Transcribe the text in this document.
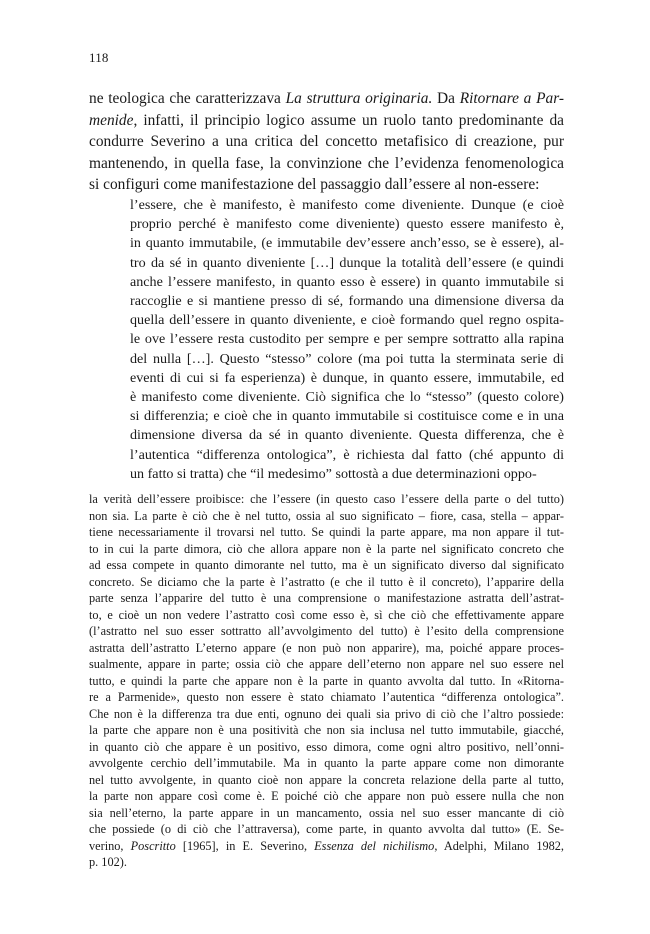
118
ne teologica che caratterizzava La struttura originaria. Da Ritornare a Par-
menide, infatti, il principio logico assume un ruolo tanto predominante da
condurre Severino a una critica del concetto metafisico di creazione, pur
mantenendo, in quella fase, la convinzione che l’evidenza fenomenologica
si configuri come manifestazione del passaggio dall’essere al non-essere:
l’essere, che è manifesto, è manifesto come diveniente. Dunque (e cioè
proprio perché è manifesto come diveniente) questo essere manifesto è,
in quanto immutabile, (e immutabile dev’essere anch’esso, se è essere), al-
tro da sé in quanto diveniente […] dunque la totalità dell’essere (e quindi
anche l’essere manifesto, in quanto esso è essere) in quanto immutabile si
raccoglie e si mantiene presso di sé, formando una dimensione diversa da
quella dell’essere in quanto diveniente, e cioè formando quel regno ospita-
le ove l’essere resta custodito per sempre e per sempre sottratto alla rapina
del nulla […]. Questo “stesso” colore (ma poi tutta la sterminata serie di
eventi di cui si fa esperienza) è dunque, in quanto essere, immutabile, ed
è manifesto come diveniente. Ciò significa che lo “stesso” (questo colore)
si differenzia; e cioè che in quanto immutabile si costituisce come e in una
dimensione diversa da sé in quanto diveniente. Questa differenza, che è
l’autentica “differenza ontologica”, è richiesta dal fatto (ché appunto di
un fatto si tratta) che “il medesimo” sottostà a due determinazioni oppo-
la verità dell’essere proibisce: che l’essere (in questo caso l’essere della parte o del tutto)
non sia. La parte è ciò che è nel tutto, ossia al suo significato – fiore, casa, stella – appar-
tiene necessariamente il trovarsi nel tutto. Se quindi la parte appare, ma non appare il tut-
to in cui la parte dimora, ciò che allora appare non è la parte nel significato concreto che
ad essa compete in quanto dimorante nel tutto, ma è un significato diverso dal significato
concreto. Se diciamo che la parte è l’astratto (e che il tutto è il concreto), l’apparire della
parte senza l’apparire del tutto è una comprensione o manifestazione astratta dell’astrat-
to, e cioè un non vedere l’astratto così come esso è, sì che ciò che effettivamente appare
(l’astratto nel suo esser sottratto all’avvolgimento del tutto) è l’esito della comprensione
astratta dell’astratto L’eterno appare (e non può non apparire), ma, poiché appare proces-
sualmente, appare in parte; ossia ciò che appare dell’eterno non appare nel suo essere nel
tutto, e quindi la parte che appare non è la parte in quanto avvolta dal tutto. In «Ritorna-
re a Parmenide», questo non essere è stato chiamato l’autentica “differenza ontologica”.
Che non è la differenza tra due enti, ognuno dei quali sia privo di ciò che l’altro possiede:
la parte che appare non è una positività che non sia inclusa nel tutto immutabile, giacché,
in quanto ciò che appare è un positivo, esso dimora, come ogni altro positivo, nell’onni-
avvolgente cerchio dell’immutabile. Ma in quanto la parte appare come non dimorante
nel tutto avvolgente, in quanto cioè non appare la concreta relazione della parte al tutto,
la parte non appare così come è. E poiché ciò che appare non può essere nulla che non
sia nell’eterno, la parte appare in un mancamento, ossia nel suo esser mancante di ciò
che possiede (o di ciò che l’attraversa), come parte, in quanto avvolta dal tutto» (E. Se-
verino, Poscritto [1965], in E. Severino, Essenza del nichilismo, Adelphi, Milano 1982,
p. 102).
